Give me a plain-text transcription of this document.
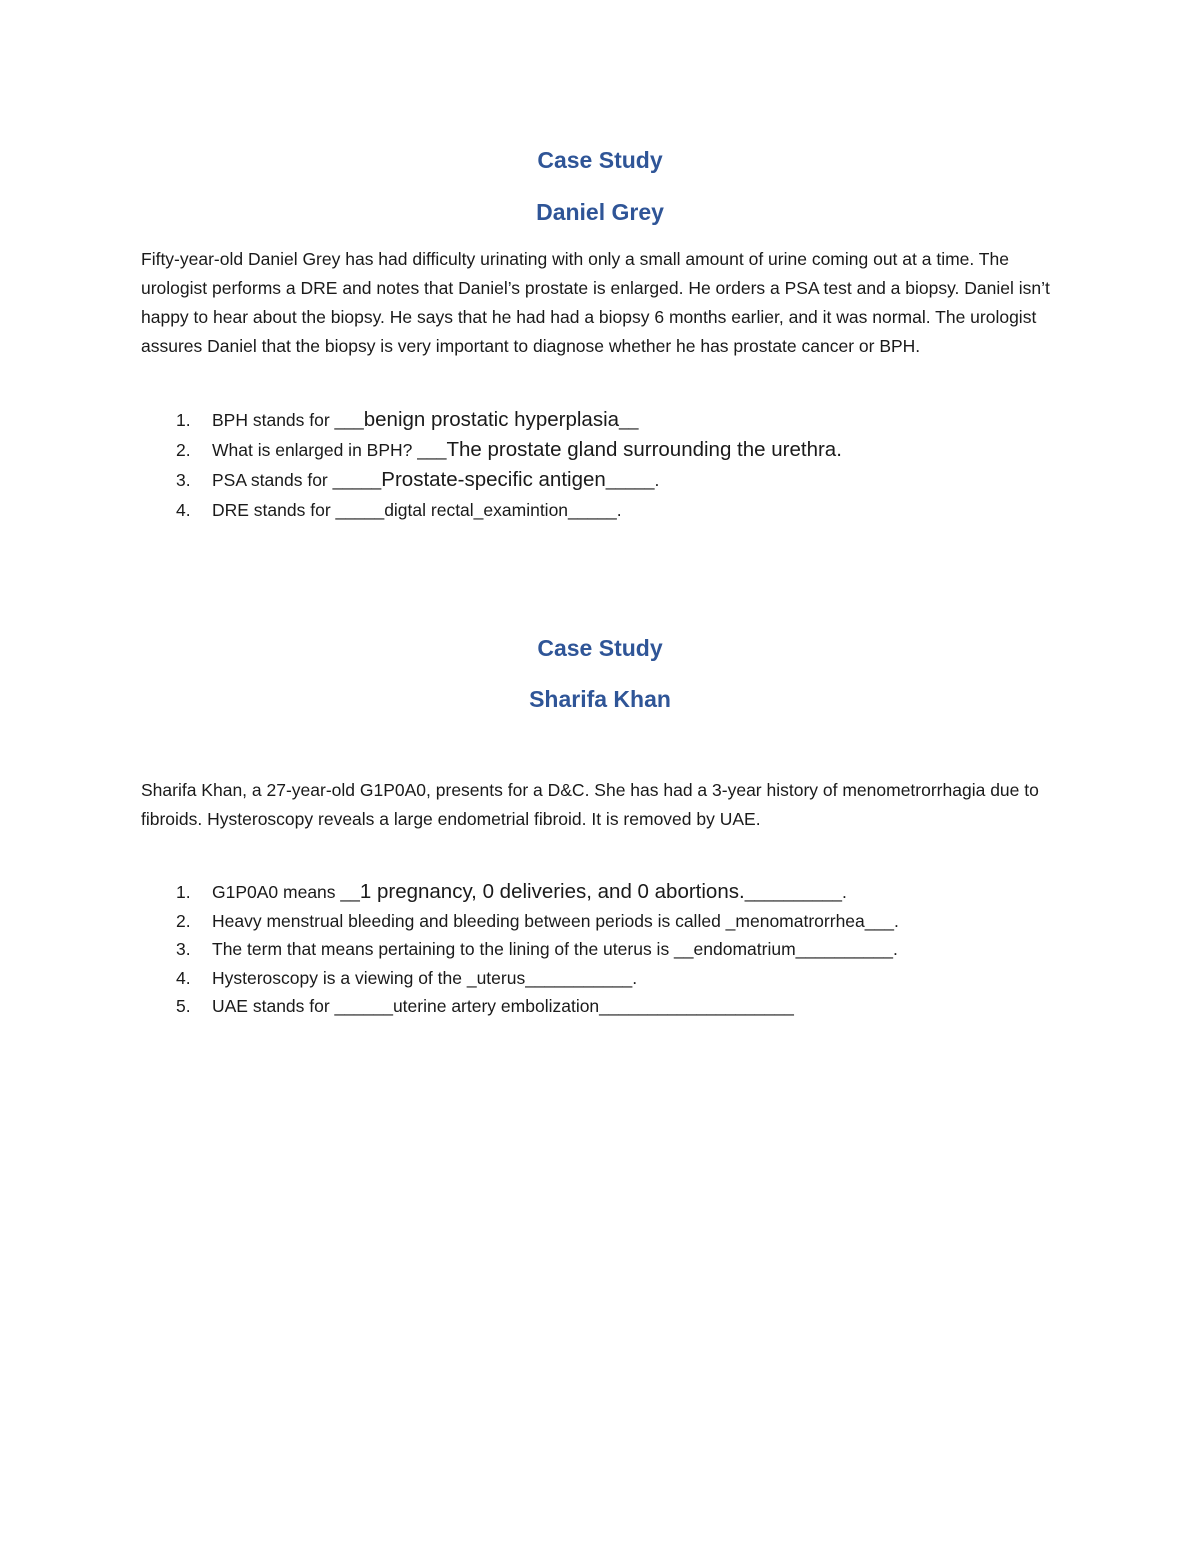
Case Study
Daniel Grey
Fifty-year-old Daniel Grey has had difficulty urinating with only a small amount of urine coming out at a time. The urologist performs a DRE and notes that Daniel’s prostate is enlarged. He orders a PSA test and a biopsy. Daniel isn’t happy to hear about the biopsy. He says that he had had a biopsy 6 months earlier, and it was normal. The urologist assures Daniel that the biopsy is very important to diagnose whether he has prostate cancer or BPH.
1. BPH stands for ___benign prostatic hyperplasia__
2. What is enlarged in BPH? ___The prostate gland surrounding the urethra.
3. PSA stands for _____Prostate-specific antigen_____.
4. DRE stands for _____digtal rectal_examintion_____.
Case Study
Sharifa Khan
Sharifa Khan, a 27-year-old G1P0A0, presents for a D&C. She has had a 3-year history of menometrorrhagia due to fibroids. Hysteroscopy reveals a large endometrial fibroid. It is removed by UAE.
1. G1P0A0 means __1 pregnancy, 0 deliveries, and 0 abortions.__________.
2. Heavy menstrual bleeding and bleeding between periods is called _menomatrorrhea___.
3. The term that means pertaining to the lining of the uterus is __endomatrium__________.
4. Hysteroscopy is a viewing of the _uterus___________.
5. UAE stands for ______uterine artery embolization____________________
